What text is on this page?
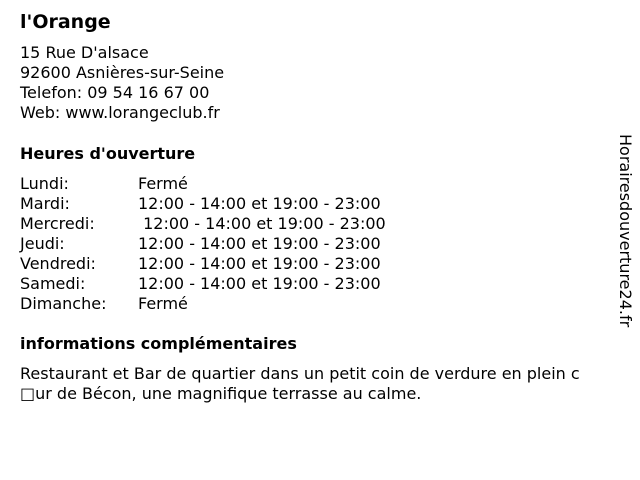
l'Orange
15 Rue D'alsace
92600 Asnières-sur-Seine
Telefon: 09 54 16 67 00
Web: www.lorangeclub.fr
Heures d'ouverture
Lundi:	Fermé
Mardi:	12:00 - 14:00 et 19:00 - 23:00
Mercredi:	12:00 - 14:00 et 19:00 - 23:00
Jeudi:	12:00 - 14:00 et 19:00 - 23:00
Vendredi:	12:00 - 14:00 et 19:00 - 23:00
Samedi:	12:00 - 14:00 et 19:00 - 23:00
Dimanche: Fermé
informations complémentaires
Restaurant et Bar de quartier dans un petit coin de verdure en plein c
□ur de Bécon, une magnifique terrasse au calme.
Horairesdouverture24.fr
